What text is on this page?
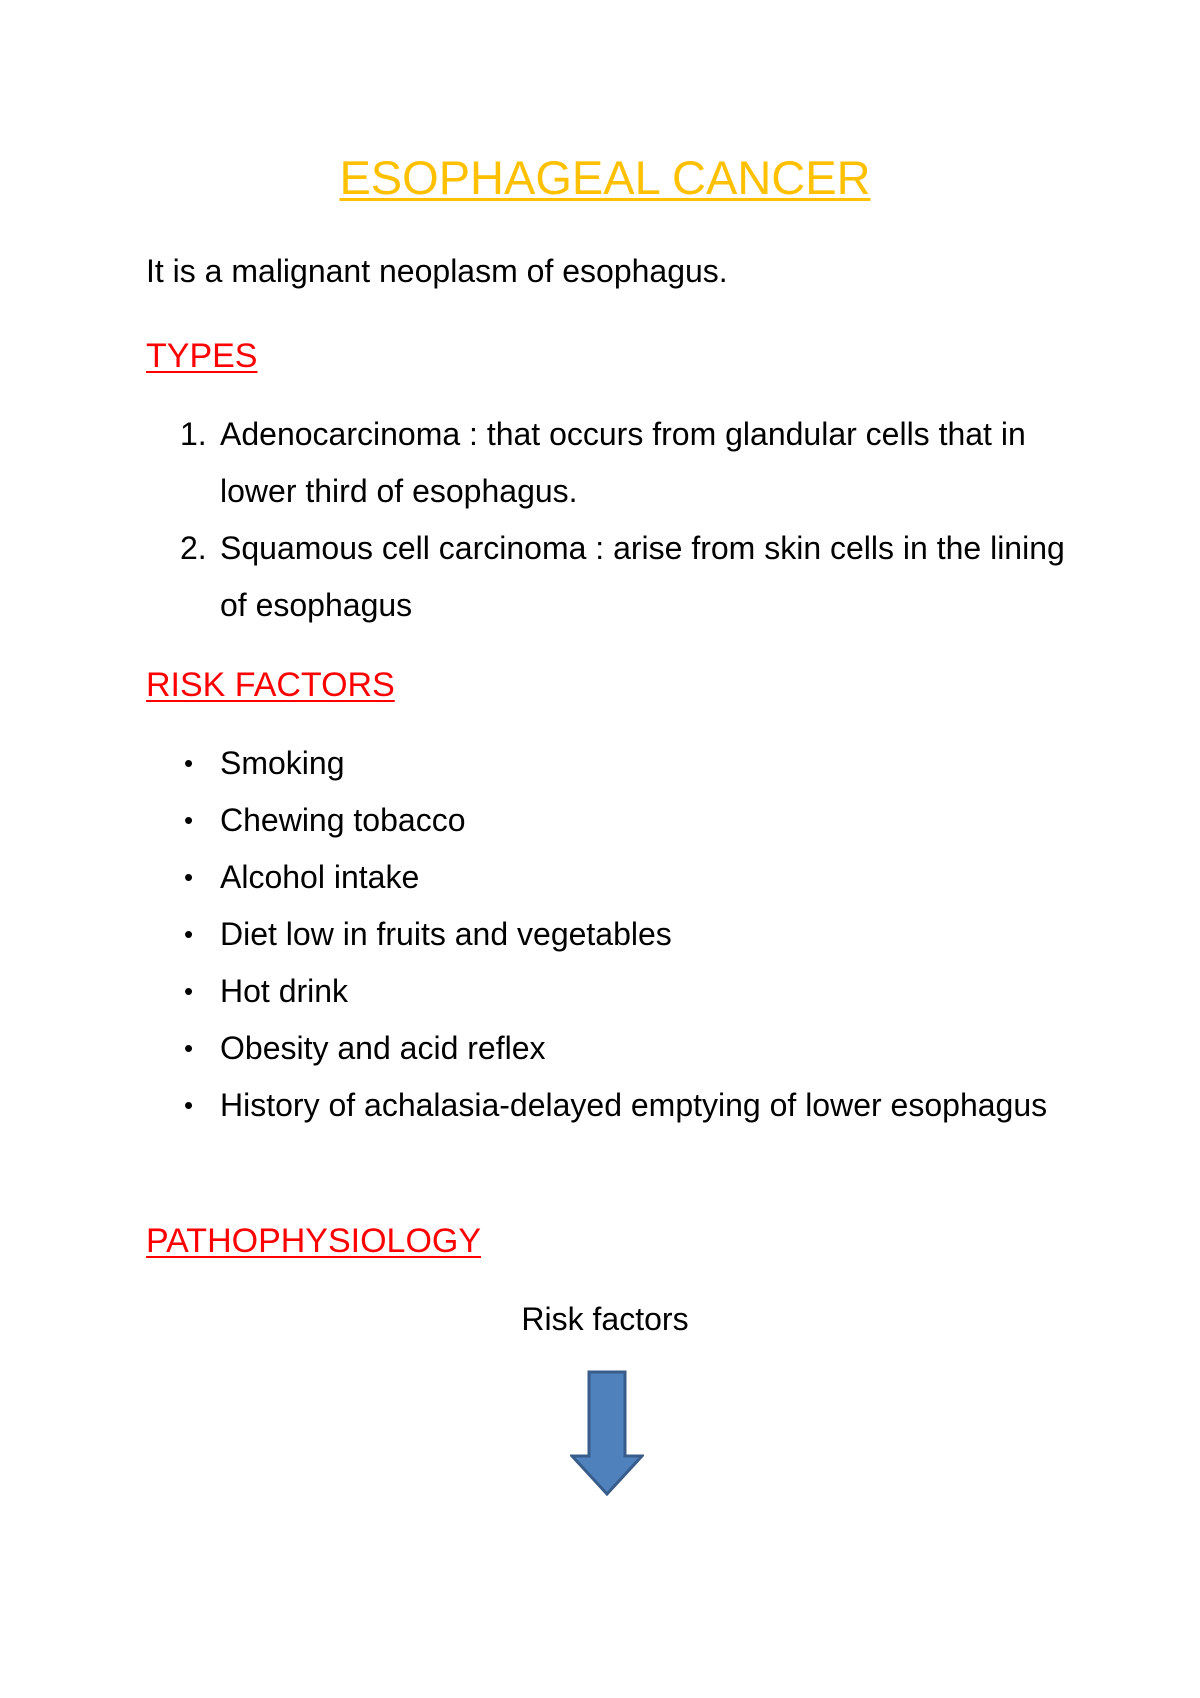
ESOPHAGEAL CANCER

It is a malignant neoplasm of esophagus.

TYPES
1. Adenocarcinoma : that occurs from glandular cells that in lower third of esophagus.
2. Squamous cell carcinoma : arise from skin cells in the lining of esophagus
RISK FACTORS
• Smoking
• Chewing tobacco
• Alcohol intake
• Diet low in fruits and vegetables
• Hot drink
• Obesity and acid reflex
• History of achalasia-delayed emptying of lower esophagus
PATHOPHYSIOLOGY

Risk factors
